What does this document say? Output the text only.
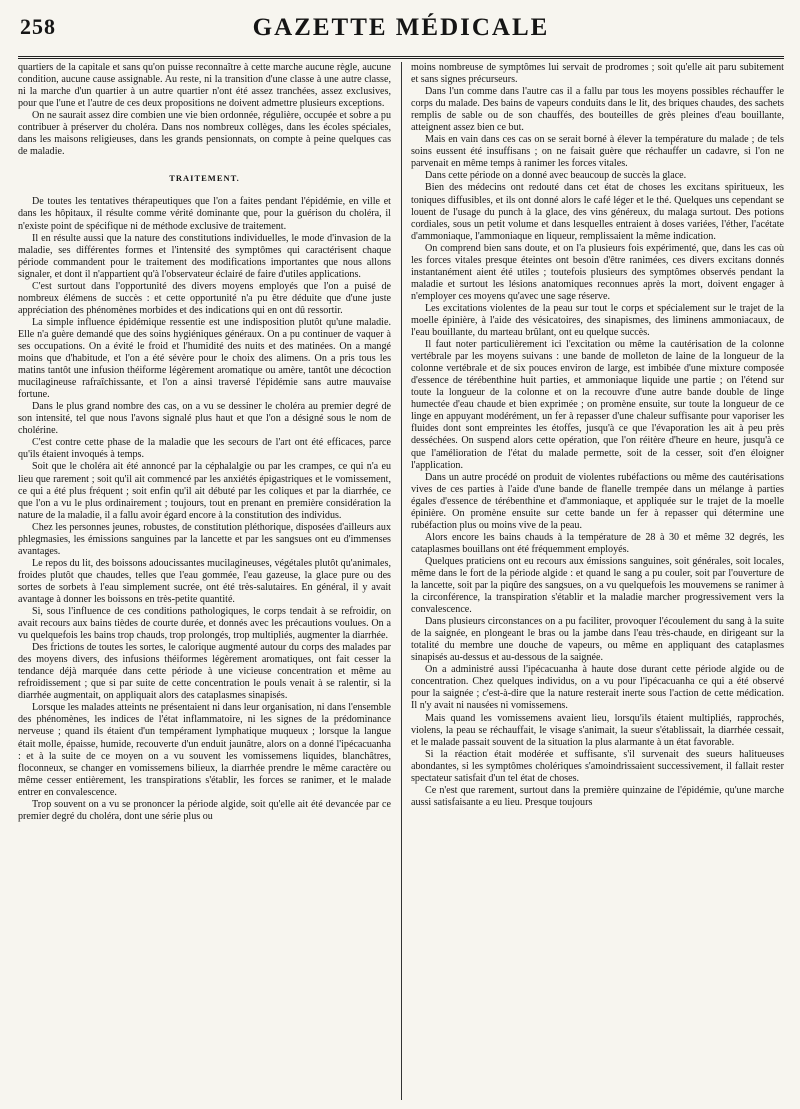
258	GAZETTE MÉDICALE

quartiers de la capitale et sans qu'on puisse reconnaître à cette marche aucune règle, aucune condition, aucune cause assignable. Au reste, ni la transition d'une classe à une autre classe, ni la marche d'un quartier à un autre quartier n'ont été assez tranchées, assez exclusives, pour que l'une et l'autre de ces deux propositions ne doivent admettre plusieurs exceptions.

On ne saurait assez dire combien une vie bien ordonnée, régulière, occupée et sobre a pu contribuer à préserver du choléra. Dans nos nombreux collèges, dans les écoles spéciales, dans les maisons religieuses, dans les grands pensionnats, on compte à peine quelques cas de maladie.

TRAITEMENT.

De toutes les tentatives thérapeutiques que l'on a faites pendant l'épidémie, en ville et dans les hôpitaux, il résulte comme vérité dominante que, pour la guérison du choléra, il n'existe point de spécifique ni de méthode exclusive de traitement.

Il en résulte aussi que la nature des constitutions individuelles, le mode d'invasion de la maladie, ses différentes formes et l'intensité des symptômes qui caractérisent chaque période commandent pour le traitement des modifications importantes que nous allons signaler, et dont il n'appartient qu'à l'observateur éclairé de faire d'utiles applications.

C'est surtout dans l'opportunité des divers moyens employés que l'on a puisé de nombreux élémens de succès : et cette opportunité n'a pu être déduite que d'une juste appréciation des phénomènes morbides et des indications qui en ont dû ressortir.

La simple influence épidémique ressentie est une indisposition plutôt qu'une maladie. Elle n'a guère demandé que des soins hygiéniques généraux. On a pu continuer de vaquer à ses occupations. On a évité le froid et l'humidité des nuits et des matinées. On a mangé moins que d'habitude, et l'on a été sévère pour le choix des alimens. On a pris tous les matins tantôt une infusion théiforme légèrement aromatique ou amère, tantôt une décoction mucilagineuse rafraîchissante, et l'on a ainsi traversé l'épidémie sans autre mauvaise fortune.

Dans le plus grand nombre des cas, on a vu se dessiner le choléra au premier degré de son intensité, tel que nous l'avons signalé plus haut et que l'on a désigné sous le nom de cholérine.

C'est contre cette phase de la maladie que les secours de l'art ont été efficaces, parce qu'ils étaient invoqués à temps.

Soit que le choléra ait été annoncé par la céphalalgie ou par les crampes, ce qui n'a eu lieu que rarement ; soit qu'il ait commencé par les anxiétés épigastriques et le vomissement, ce qui a été plus fréquent ; soit enfin qu'il ait débuté par les coliques et par la diarrhée, ce que l'on a vu le plus ordinairement ; toujours, tout en prenant en première considération la nature de la maladie, il a fallu avoir égard encore à la constitution des individus.

Chez les personnes jeunes, robustes, de constitution pléthorique, disposées d'ailleurs aux phlegmasies, les émissions sanguines par la lancette et par les sangsues ont eu d'immenses avantages.

Le repos du lit, des boissons adoucissantes mucilagineuses, végétales plutôt qu'animales, froides plutôt que chaudes, telles que l'eau gommée, l'eau gazeuse, la glace pure ou des sortes de sorbets à l'eau simplement sucrée, ont été très-salutaires. En général, il y avait avantage à donner les boissons en très-petite quantité.

Si, sous l'influence de ces conditions pathologiques, le corps tendait à se refroidir, on avait recours aux bains tièdes de courte durée, et donnés avec les précautions voulues. On a vu quelquefois les bains trop chauds, trop prolongés, trop multipliés, augmenter la diarrhée.

Des frictions de toutes les sortes, le calorique augmenté autour du corps des malades par des moyens divers, des infusions théiformes légèrement aromatiques, ont fait cesser la tendance déjà marquée dans cette période à une vicieuse concentration et même au refroidissement ; que si par suite de cette concentration le pouls venait à se ralentir, si la diarrhée augmentait, on appliquait alors des cataplasmes sinapisés.

Lorsque les malades atteints ne présentaient ni dans leur organisation, ni dans l'ensemble des phénomènes, les indices de l'état inflammatoire, ni les signes de la prédominance nerveuse ; quand ils étaient d'un tempérament lymphatique muqueux ; lorsque la langue était molle, épaisse, humide, recouverte d'un enduit jaunâtre, alors on a donné l'ipécacuanha : et à la suite de ce moyen on a vu souvent les vomissemens liquides, blanchâtres, floconneux, se changer en vomissemens bilieux, la diarrhée prendre le même caractère ou même cesser entièrement, les transpirations s'établir, les forces se ranimer, et le malade entrer en convalescence.

Trop souvent on a vu se prononcer la période algide, soit qu'elle ait été devancée par ce premier degré du choléra, dont une série plus ou

moins nombreuse de symptômes lui servait de prodromes ; soit qu'elle ait paru subitement et sans signes précurseurs.

Dans l'un comme dans l'autre cas il a fallu par tous les moyens possibles réchauffer le corps du malade. Des bains de vapeurs conduits dans le lit, des briques chaudes, des sachets remplis de sable ou de son chauffés, des bouteilles de grès pleines d'eau bouillante, atteignent assez bien ce but.

Mais en vain dans ces cas on se serait borné à élever la température du malade ; de tels soins eussent été insuffisans ; on ne faisait guère que réchauffer un cadavre, si l'on ne parvenait en même temps à ranimer les forces vitales.

Dans cette période on a donné avec beaucoup de succès la glace.

Bien des médecins ont redouté dans cet état de choses les excitans spiritueux, les toniques diffusibles, et ils ont donné alors le café léger et le thé. Quelques uns cependant se louent de l'usage du punch à la glace, des vins généreux, du malaga surtout. Des potions cordiales, sous un petit volume et dans lesquelles entraient à doses variées, l'éther, l'acétate d'ammoniaque, l'ammoniaque en liqueur, remplissaient la même indication.

On comprend bien sans doute, et on l'a plusieurs fois expérimenté, que, dans les cas où les forces vitales presque éteintes ont besoin d'être ranimées, ces divers excitans donnés instantanément aient été utiles ; toutefois plusieurs des symptômes observés pendant la maladie et surtout les lésions anatomiques reconnues après la mort, doivent engager à n'employer ces moyens qu'avec une sage réserve.

Les excitations violentes de la peau sur tout le corps et spécialement sur le trajet de la moelle épinière, à l'aide des vésicatoires, des sinapismes, des liminens ammoniacaux, de l'eau bouillante, du marteau brûlant, ont eu quelque succès.

Il faut noter particulièrement ici l'excitation ou même la cautérisation de la colonne vertébrale par les moyens suivans : une bande de molleton de laine de la longueur de la colonne vertébrale et de six pouces environ de large, est imbibée d'une mixture composée d'essence de térébenthine huit parties, et ammoniaque liquide une partie ; on l'étend sur toute la longueur de la colonne et on la recouvre d'une autre bande double de linge humectée d'eau chaude et bien exprimée ; on promène ensuite, sur toute la longueur de ce linge en appuyant modérément, un fer à repasser d'une chaleur suffisante pour vaporiser les fluides dont sont empreintes les étoffes, jusqu'à ce que l'évaporation les ait à peu près desséchées. On suspend alors cette opération, que l'on réitère d'heure en heure, jusqu'à ce que l'amélioration de l'état du malade permette, soit de la cesser, soit d'en éloigner l'application.

Dans un autre procédé on produit de violentes rubéfactions ou même des cautérisations vives de ces parties à l'aide d'une bande de flanelle trempée dans un mélange à parties égales d'essence de térébenthine et d'ammoniaque, et appliquée sur le trajet de la moelle épinière. On promène ensuite sur cette bande un fer à repasser qui détermine une rubéfaction plus ou moins vive de la peau.

Alors encore les bains chauds à la température de 28 à 30 et même 32 degrés, les cataplasmes bouillans ont été fréquemment employés.

Quelques praticiens ont eu recours aux émissions sanguines, soit générales, soit locales, même dans le fort de la période algide : et quand le sang a pu couler, soit par l'ouverture de la lancette, soit par la piqûre des sangsues, on a vu quelquefois les mouvemens se ranimer à la circonférence, la transpiration s'établir et la maladie marcher progressivement vers la convalescence.

Dans plusieurs circonstances on a pu faciliter, provoquer l'écoulement du sang à la suite de la saignée, en plongeant le bras ou la jambe dans l'eau très-chaude, en dirigeant sur la totalité du membre une douche de vapeurs, ou même en appliquant des cataplasmes sinapisés au-dessus et au-dessous de la saignée.

On a administré aussi l'ipécacuanha à haute dose durant cette période algide ou de concentration. Chez quelques individus, on a vu pour l'ipécacuanha ce qui a été observé pour la saignée ; c'est-à-dire que la nature resterait inerte sous l'action de cette médication. Il n'y avait ni nausées ni vomissemens.

Mais quand les vomissemens avaient lieu, lorsqu'ils étaient multipliés, rapprochés, violens, la peau se réchauffait, le visage s'animait, la sueur s'établissait, la diarrhée cessait, et le malade passait souvent de la situation la plus alarmante à un état favorable.

Si la réaction était modérée et suffisante, s'il survenait des sueurs halitueuses abondantes, si les symptômes cholériques s'amoindrissaient successivement, il fallait rester spectateur satisfait d'un tel état de choses.

Ce n'est que rarement, surtout dans la première quinzaine de l'épidémie, qu'une marche aussi satisfaisante a eu lieu. Presque toujours
